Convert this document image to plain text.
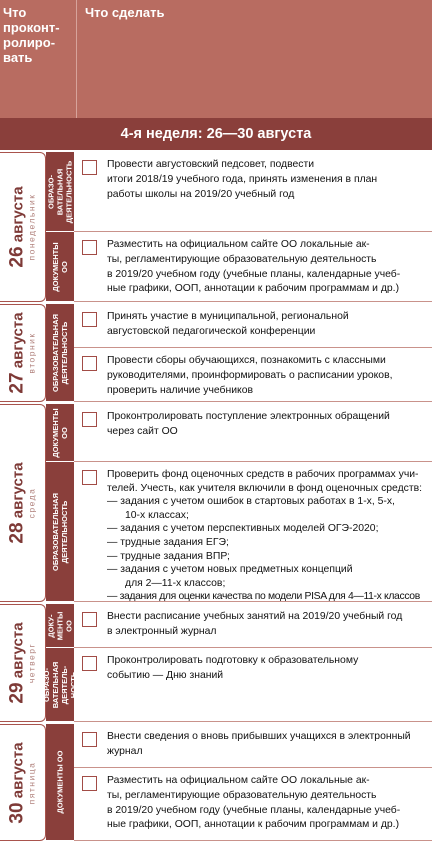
Что
проконт-
ролиро-
вать
Что сделать
4-я неделя: 26—30 августа
26 августа понедельник
27 августа вторник
28 августа среда
29 августа четверг
30 августа пятница
ОБРАЗО- ВАТЕЛЬНАЯ ДЕЯТЕЛЬНОСТЬ
ДОКУМЕНТЫ ОО
ОБРАЗОВАТЕЛЬНАЯ ДЕЯТЕЛЬНОСТЬ
ДОКУМЕНТЫ ОО
ОБРАЗОВАТЕЛЬНАЯ ДЕЯТЕЛЬНОСТЬ
ДОКУ- МЕНТЫ ОО
ОБРАЗО- ВАТЕЛЬНАЯ ДЕЯТЕЛЬ- НОСТЬ
ДОКУМЕНТЫ ОО
Провести августовский педсовет, подвести
итоги 2018/19 учебного года, принять изменения в план
работы школы на 2019/20 учебный год
Разместить на официальном сайте ОО локальные ак-
ты, регламентирующие образовательную деятельность
в 2019/20 учебном году (учебные планы, календарные учеб-
ные графики, ООП, аннотации к рабочим программам и др.)
Принять участие в муниципальной, региональной
августовской педагогической конференции
Провести сборы обучающихся, познакомить с классными
руководителями, проинформировать о расписании уроков,
проверить наличие учебников
Проконтролировать поступление электронных обращений
через сайт ОО
Проверить фонд оценочных средств в рабочих программах учи-
телей. Учесть, как учителя включили в фонд оценочных средств:
— задания с учетом ошибок в стартовых работах в 1-х, 5-х,
10-х классах;
— задания с учетом перспективных моделей ОГЭ-2020;
— трудные задания ЕГЭ;
— трудные задания ВПР;
— задания с учетом новых предметных концепций
для 2—11-х классов;
— задания для оценки качества по модели PISA для 4—11-х классов
Внести расписание учебных занятий на 2019/20 учебный год
в электронный журнал
Проконтролировать подготовку к образовательному
событию — Дню знаний
Внести сведения о вновь прибывших учащихся в электронный
журнал
Разместить на официальном сайте ОО локальные ак-
ты, регламентирующие образовательную деятельность
в 2019/20 учебном году (учебные планы, календарные учеб-
ные графики, ООП, аннотации к рабочим программам и др.)
